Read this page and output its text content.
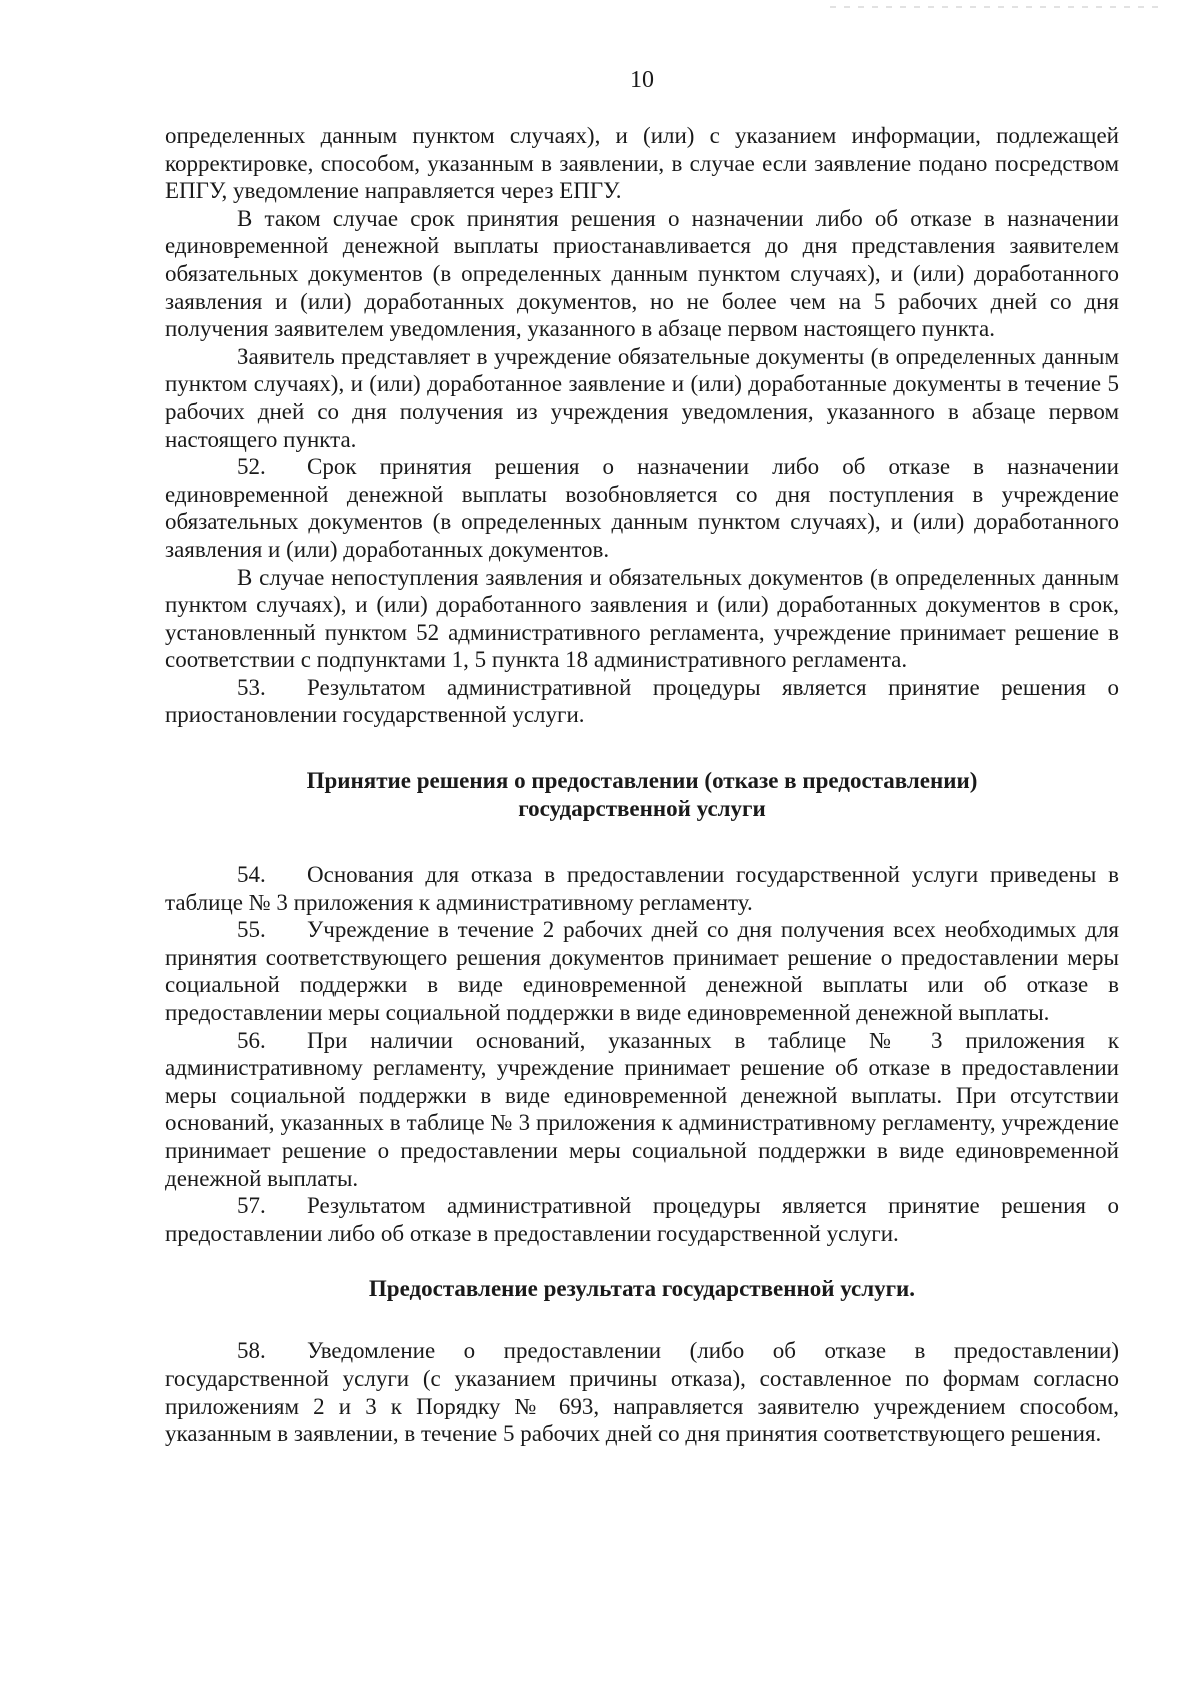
10

определенных данным пунктом случаях), и (или) с указанием информации, подлежащей корректировке, способом, указанным в заявлении, в случае если заявление подано посредством ЕПГУ, уведомление направляется через ЕПГУ.

В таком случае срок принятия решения о назначении либо об отказе в назначении единовременной денежной выплаты приостанавливается до дня представления заявителем обязательных документов (в определенных данным пунктом случаях), и (или) доработанного заявления и (или) доработанных документов, но не более чем на 5 рабочих дней со дня получения заявителем уведомления, указанного в абзаце первом настоящего пункта.

Заявитель представляет в учреждение обязательные документы (в определенных данным пунктом случаях), и (или) доработанное заявление и (или) доработанные документы в течение 5 рабочих дней со дня получения из учреждения уведомления, указанного в абзаце первом настоящего пункта.

52. Срок принятия решения о назначении либо об отказе в назначении единовременной денежной выплаты возобновляется со дня поступления в учреждение обязательных документов (в определенных данным пунктом случаях), и (или) доработанного заявления и (или) доработанных документов.

В случае непоступления заявления и обязательных документов (в определенных данным пунктом случаях), и (или) доработанного заявления и (или) доработанных документов в срок, установленный пунктом 52 административного регламента, учреждение принимает решение в соответствии с подпунктами 1, 5 пункта 18 административного регламента.

53. Результатом административной процедуры является принятие решения о приостановлении государственной услуги.

Принятие решения о предоставлении (отказе в предоставлении)
государственной услуги

54. Основания для отказа в предоставлении государственной услуги приведены в таблице № 3 приложения к административному регламенту.

55. Учреждение в течение 2 рабочих дней со дня получения всех необходимых для принятия соответствующего решения документов принимает решение о предоставлении меры социальной поддержки в виде единовременной денежной выплаты или об отказе в предоставлении меры социальной поддержки в виде единовременной денежной выплаты.

56. При наличии оснований, указанных в таблице № 3 приложения к административному регламенту, учреждение принимает решение об отказе в предоставлении меры социальной поддержки в виде единовременной денежной выплаты. При отсутствии оснований, указанных в таблице № 3 приложения к административному регламенту, учреждение принимает решение о предоставлении меры социальной поддержки в виде единовременной денежной выплаты.

57. Результатом административной процедуры является принятие решения о предоставлении либо об отказе в предоставлении государственной услуги.

Предоставление результата государственной услуги.

58. Уведомление о предоставлении (либо об отказе в предоставлении) государственной услуги (с указанием причины отказа), составленное по формам согласно приложениям 2 и 3 к Порядку № 693, направляется заявителю учреждением способом, указанным в заявлении, в течение 5 рабочих дней со дня принятия соответствующего решения.
